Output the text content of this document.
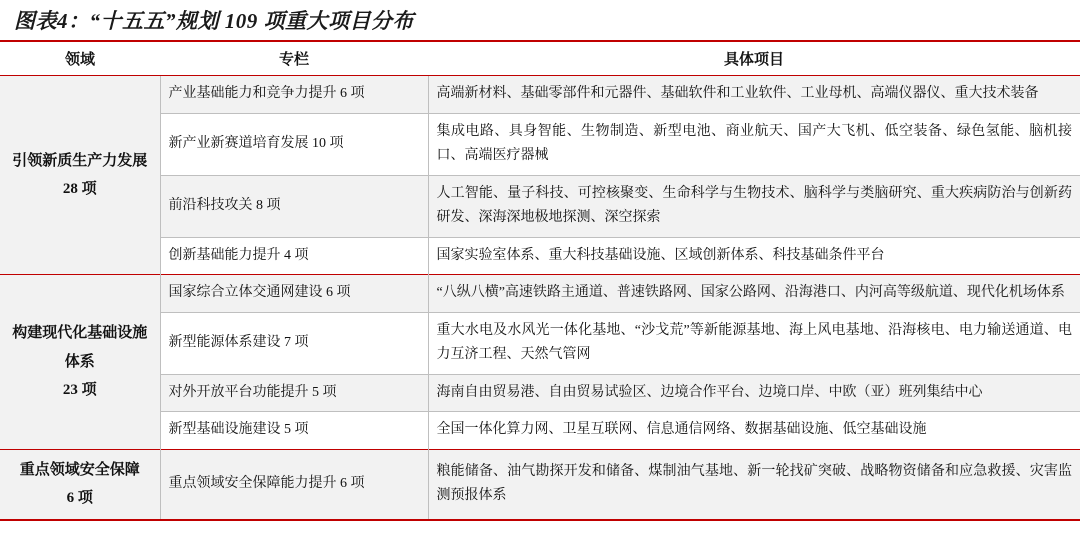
图表4：“十五五”规划 109 项重大项目分布
领域	专栏	具体项目

引领新质生产力发展
28 项	产业基础能力和竞争力提升 6 项	高端新材料、基础零部件和元器件、基础软件和工业软件、工业母机、高端仪器仪、重大技术装备
	新产业新赛道培育发展 10 项	集成电路、具身智能、生物制造、新型电池、商业航天、国产大飞机、低空装备、绿色氢能、脑机接口、高端医疗器械
	前沿科技攻关 8 项	人工智能、量子科技、可控核聚变、生命科学与生物技术、脑科学与类脑研究、重大疾病防治与创新药研发、深海深地极地探测、深空探索
	创新基础能力提升 4 项	国家实验室体系、重大科技基础设施、区域创新体系、科技基础条件平台

构建现代化基础设施
体系
23 项	国家综合立体交通网建设 6 项	“八纵八横”高速铁路主通道、普速铁路网、国家公路网、沿海港口、内河高等级航道、现代化机场体系
	新型能源体系建设 7 项	重大水电及水风光一体化基地、“沙戈荒”等新能源基地、海上风电基地、沿海核电、电力输送通道、电力互济工程、天然气管网
	对外开放平台功能提升 5 项	海南自由贸易港、自由贸易试验区、边境合作平台、边境口岸、中欧（亚）班列集结中心
	新型基础设施建设 5 项	全国一体化算力网、卫星互联网、信息通信网络、数据基础设施、低空基础设施

重点领域安全保障
6 项	重点领域安全保障能力提升 6 项	粮能储备、油气勘探开发和储备、煤制油气基地、新一轮找矿突破、战略物资储备和应急救援、灾害监测预报体系
